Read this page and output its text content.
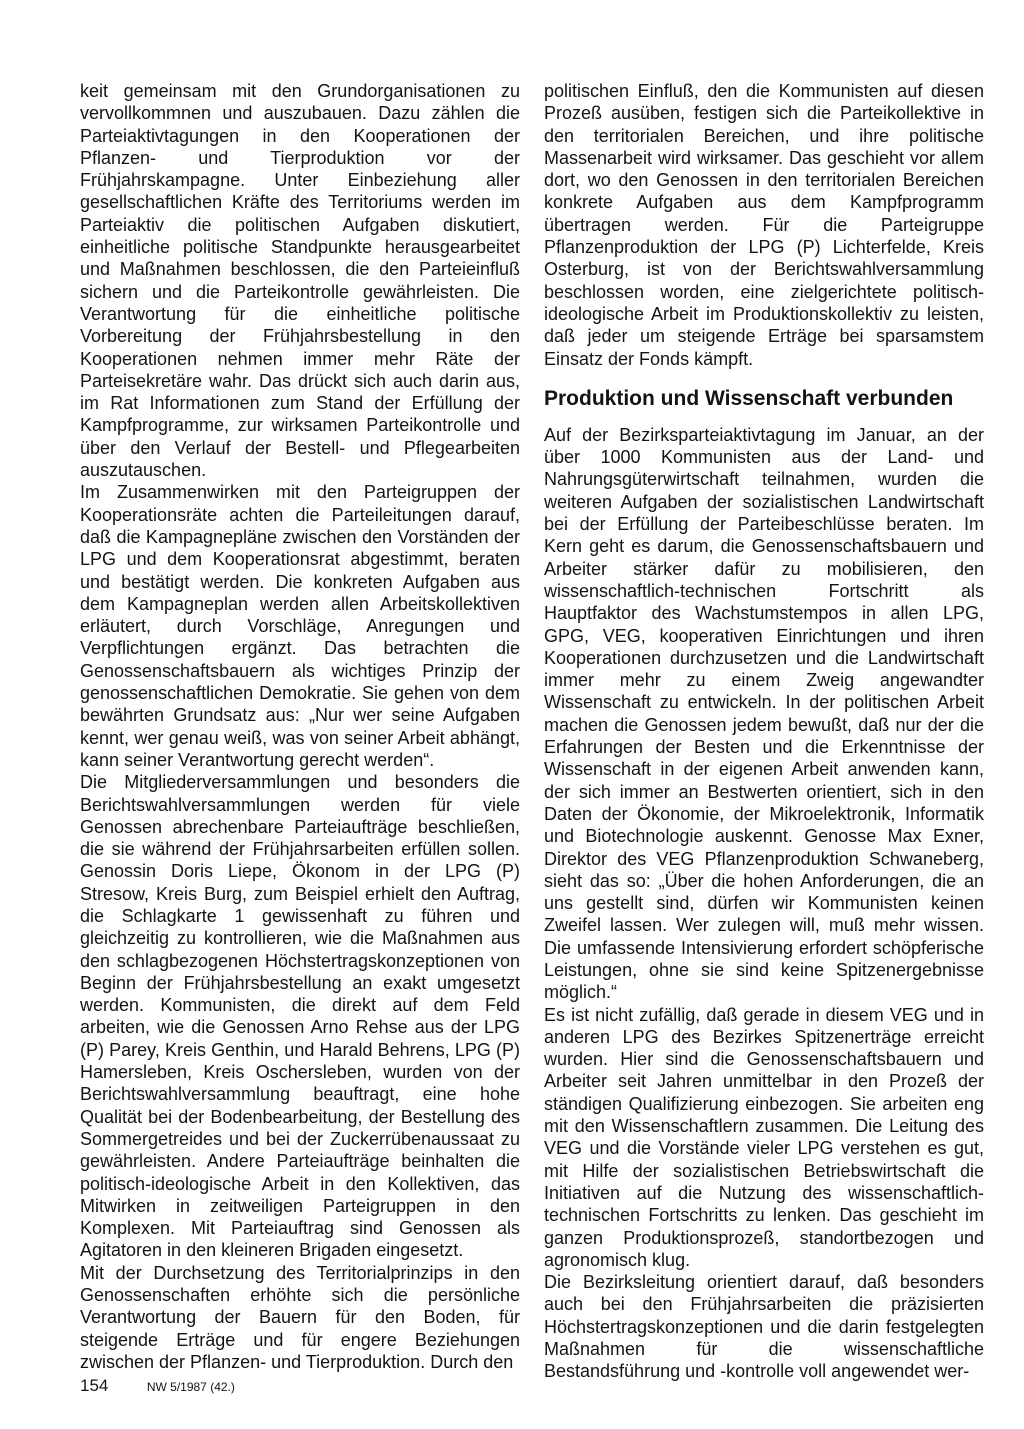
keit gemeinsam mit den Grundorganisationen zu vervollkommnen und auszubauen. Dazu zählen die Parteiaktivtagungen in den Kooperationen der Pflanzen- und Tierproduktion vor der Frühjahrskampagne. Unter Einbeziehung aller gesellschaftlichen Kräfte des Territoriums werden im Parteiaktiv die politischen Aufgaben diskutiert, einheitliche politische Standpunkte herausgearbeitet und Maßnahmen beschlossen, die den Parteieinfluß sichern und die Parteikontrolle gewährleisten. Die Verantwortung für die einheitliche politische Vorbereitung der Frühjahrsbestellung in den Kooperationen nehmen immer mehr Räte der Parteisekretäre wahr. Das drückt sich auch darin aus, im Rat Informationen zum Stand der Erfüllung der Kampfprogramme, zur wirksamen Parteikontrolle und über den Verlauf der Bestell- und Pflegearbeiten auszutauschen.

Im Zusammenwirken mit den Parteigruppen der Kooperationsräte achten die Parteileitungen darauf, daß die Kampagnepläne zwischen den Vorständen der LPG und dem Kooperationsrat abgestimmt, beraten und bestätigt werden. Die konkreten Aufgaben aus dem Kampagneplan werden allen Arbeitskollektiven erläutert, durch Vorschläge, Anregungen und Verpflichtungen ergänzt. Das betrachten die Genossenschaftsbauern als wichtiges Prinzip der genossenschaftlichen Demokratie. Sie gehen von dem bewährten Grundsatz aus: „Nur wer seine Aufgaben kennt, wer genau weiß, was von seiner Arbeit abhängt, kann seiner Verantwortung gerecht werden“.

Die Mitgliederversammlungen und besonders die Berichtswahlversammlungen werden für viele Genossen abrechenbare Parteiaufträge beschließen, die sie während der Frühjahrsarbeiten erfüllen sollen. Genossin Doris Liepe, Ökonom in der LPG (P) Stresow, Kreis Burg, zum Beispiel erhielt den Auftrag, die Schlagkarte 1 gewissenhaft zu führen und gleichzeitig zu kontrollieren, wie die Maßnahmen aus den schlagbezogenen Höchstertragskonzeptionen von Beginn der Frühjahrsbestellung an exakt umgesetzt werden. Kommunisten, die direkt auf dem Feld arbeiten, wie die Genossen Arno Rehse aus der LPG (P) Parey, Kreis Genthin, und Harald Behrens, LPG (P) Hamersleben, Kreis Oschersleben, wurden von der Berichtswahlversammlung beauftragt, eine hohe Qualität bei der Bodenbearbeitung, der Bestellung des Sommergetreides und bei der Zuckerrübenaussaat zu gewährleisten. Andere Parteiaufträge beinhalten die politisch-ideologische Arbeit in den Kollektiven, das Mitwirken in zeitweiligen Parteigruppen in den Komplexen. Mit Parteiauftrag sind Genossen als Agitatoren in den kleineren Brigaden eingesetzt.

Mit der Durchsetzung des Territorialprinzips in den Genossenschaften erhöhte sich die persönliche Verantwortung der Bauern für den Boden, für steigende Erträge und für engere Beziehungen zwischen der Pflanzen- und Tierproduktion. Durch den

politischen Einfluß, den die Kommunisten auf diesen Prozeß ausüben, festigen sich die Parteikollektive in den territorialen Bereichen, und ihre politische Massenarbeit wird wirksamer. Das geschieht vor allem dort, wo den Genossen in den territorialen Bereichen konkrete Aufgaben aus dem Kampfprogramm übertragen werden. Für die Parteigruppe Pflanzenproduktion der LPG (P) Lichterfelde, Kreis Osterburg, ist von der Berichtswahlversammlung beschlossen worden, eine zielgerichtete politisch-ideologische Arbeit im Produktionskollektiv zu leisten, daß jeder um steigende Erträge bei sparsamstem Einsatz der Fonds kämpft.

Produktion und Wissenschaft verbunden

Auf der Bezirksparteiaktivtagung im Januar, an der über 1000 Kommunisten aus der Land- und Nahrungsgüterwirtschaft teilnahmen, wurden die weiteren Aufgaben der sozialistischen Landwirtschaft bei der Erfüllung der Parteibeschlüsse beraten. Im Kern geht es darum, die Genossenschaftsbauern und Arbeiter stärker dafür zu mobilisieren, den wissenschaftlich-technischen Fortschritt als Hauptfaktor des Wachstumstempos in allen LPG, GPG, VEG, kooperativen Einrichtungen und ihren Kooperationen durchzusetzen und die Landwirtschaft immer mehr zu einem Zweig angewandter Wissenschaft zu entwickeln. In der politischen Arbeit machen die Genossen jedem bewußt, daß nur der die Erfahrungen der Besten und die Erkenntnisse der Wissenschaft in der eigenen Arbeit anwenden kann, der sich immer an Bestwerten orientiert, sich in den Daten der Ökonomie, der Mikroelektronik, Informatik und Biotechnologie auskennt. Genosse Max Exner, Direktor des VEG Pflanzenproduktion Schwaneberg, sieht das so: „Über die hohen Anforderungen, die an uns gestellt sind, dürfen wir Kommunisten keinen Zweifel lassen. Wer zulegen will, muß mehr wissen. Die umfassende Intensivierung erfordert schöpferische Leistungen, ohne sie sind keine Spitzenergebnisse möglich.“

Es ist nicht zufällig, daß gerade in diesem VEG und in anderen LPG des Bezirkes Spitzenerträge erreicht wurden. Hier sind die Genossenschaftsbauern und Arbeiter seit Jahren unmittelbar in den Prozeß der ständigen Qualifizierung einbezogen. Sie arbeiten eng mit den Wissenschaftlern zusammen. Die Leitung des VEG und die Vorstände vieler LPG verstehen es gut, mit Hilfe der sozialistischen Betriebswirtschaft die Initiativen auf die Nutzung des wissenschaftlich-technischen Fortschritts zu lenken. Das geschieht im ganzen Produktionsprozeß, standortbezogen und agronomisch klug.

Die Bezirksleitung orientiert darauf, daß besonders auch bei den Frühjahrsarbeiten die präzisierten Höchstertragskonzeptionen und die darin festgelegten Maßnahmen für die wissenschaftliche Bestandsführung und -kontrolle voll angewendet wer-

154	NW 5/1987 (42.)
